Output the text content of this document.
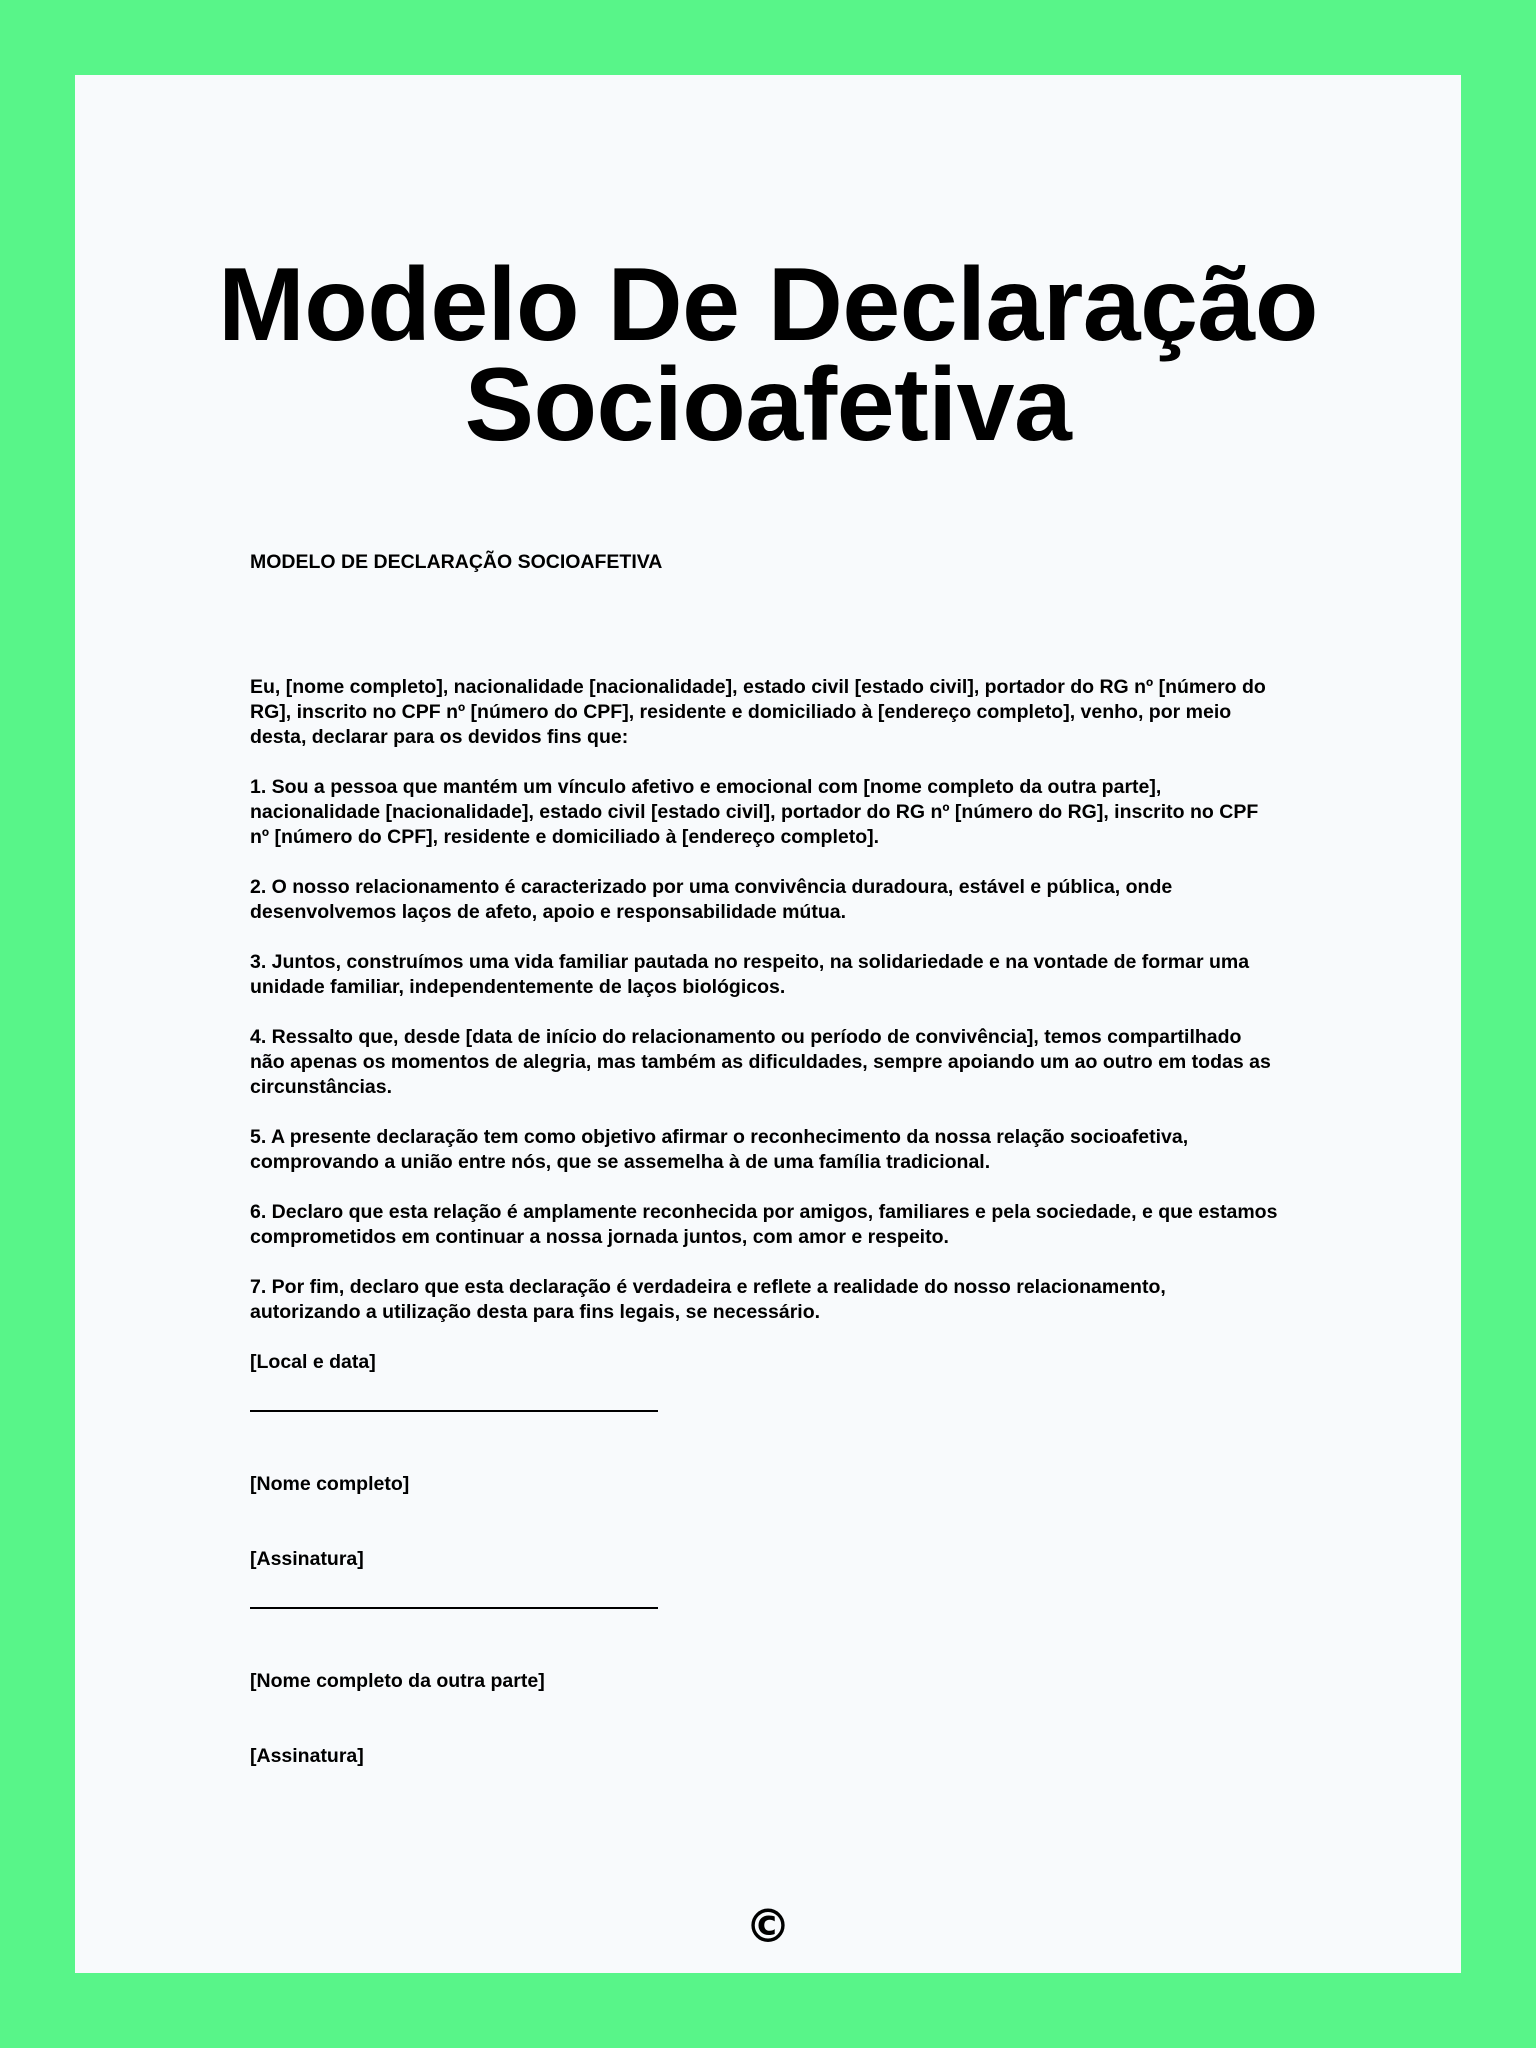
Modelo De Declaração Socioafetiva

MODELO DE DECLARAÇÃO SOCIOAFETIVA

Eu, [nome completo], nacionalidade [nacionalidade], estado civil [estado civil], portador do RG nº [número do RG], inscrito no CPF nº [número do CPF], residente e domiciliado à [endereço completo], venho, por meio desta, declarar para os devidos fins que:

1. Sou a pessoa que mantém um vínculo afetivo e emocional com [nome completo da outra parte], nacionalidade [nacionalidade], estado civil [estado civil], portador do RG nº [número do RG], inscrito no CPF nº [número do CPF], residente e domiciliado à [endereço completo].

2. O nosso relacionamento é caracterizado por uma convivência duradoura, estável e pública, onde desenvolvemos laços de afeto, apoio e responsabilidade mútua.

3. Juntos, construímos uma vida familiar pautada no respeito, na solidariedade e na vontade de formar uma unidade familiar, independentemente de laços biológicos.

4. Ressalto que, desde [data de início do relacionamento ou período de convivência], temos compartilhado não apenas os momentos de alegria, mas também as dificuldades, sempre apoiando um ao outro em todas as circunstâncias.

5. A presente declaração tem como objetivo afirmar o reconhecimento da nossa relação socioafetiva, comprovando a união entre nós, que se assemelha à de uma família tradicional.

6. Declaro que esta relação é amplamente reconhecida por amigos, familiares e pela sociedade, e que estamos comprometidos em continuar a nossa jornada juntos, com amor e respeito.

7. Por fim, declaro que esta declaração é verdadeira e reflete a realidade do nosso relacionamento, autorizando a utilização desta para fins legais, se necessário.

[Local e data]

[Nome completo]

[Assinatura]

[Nome completo da outra parte]

[Assinatura]

©
